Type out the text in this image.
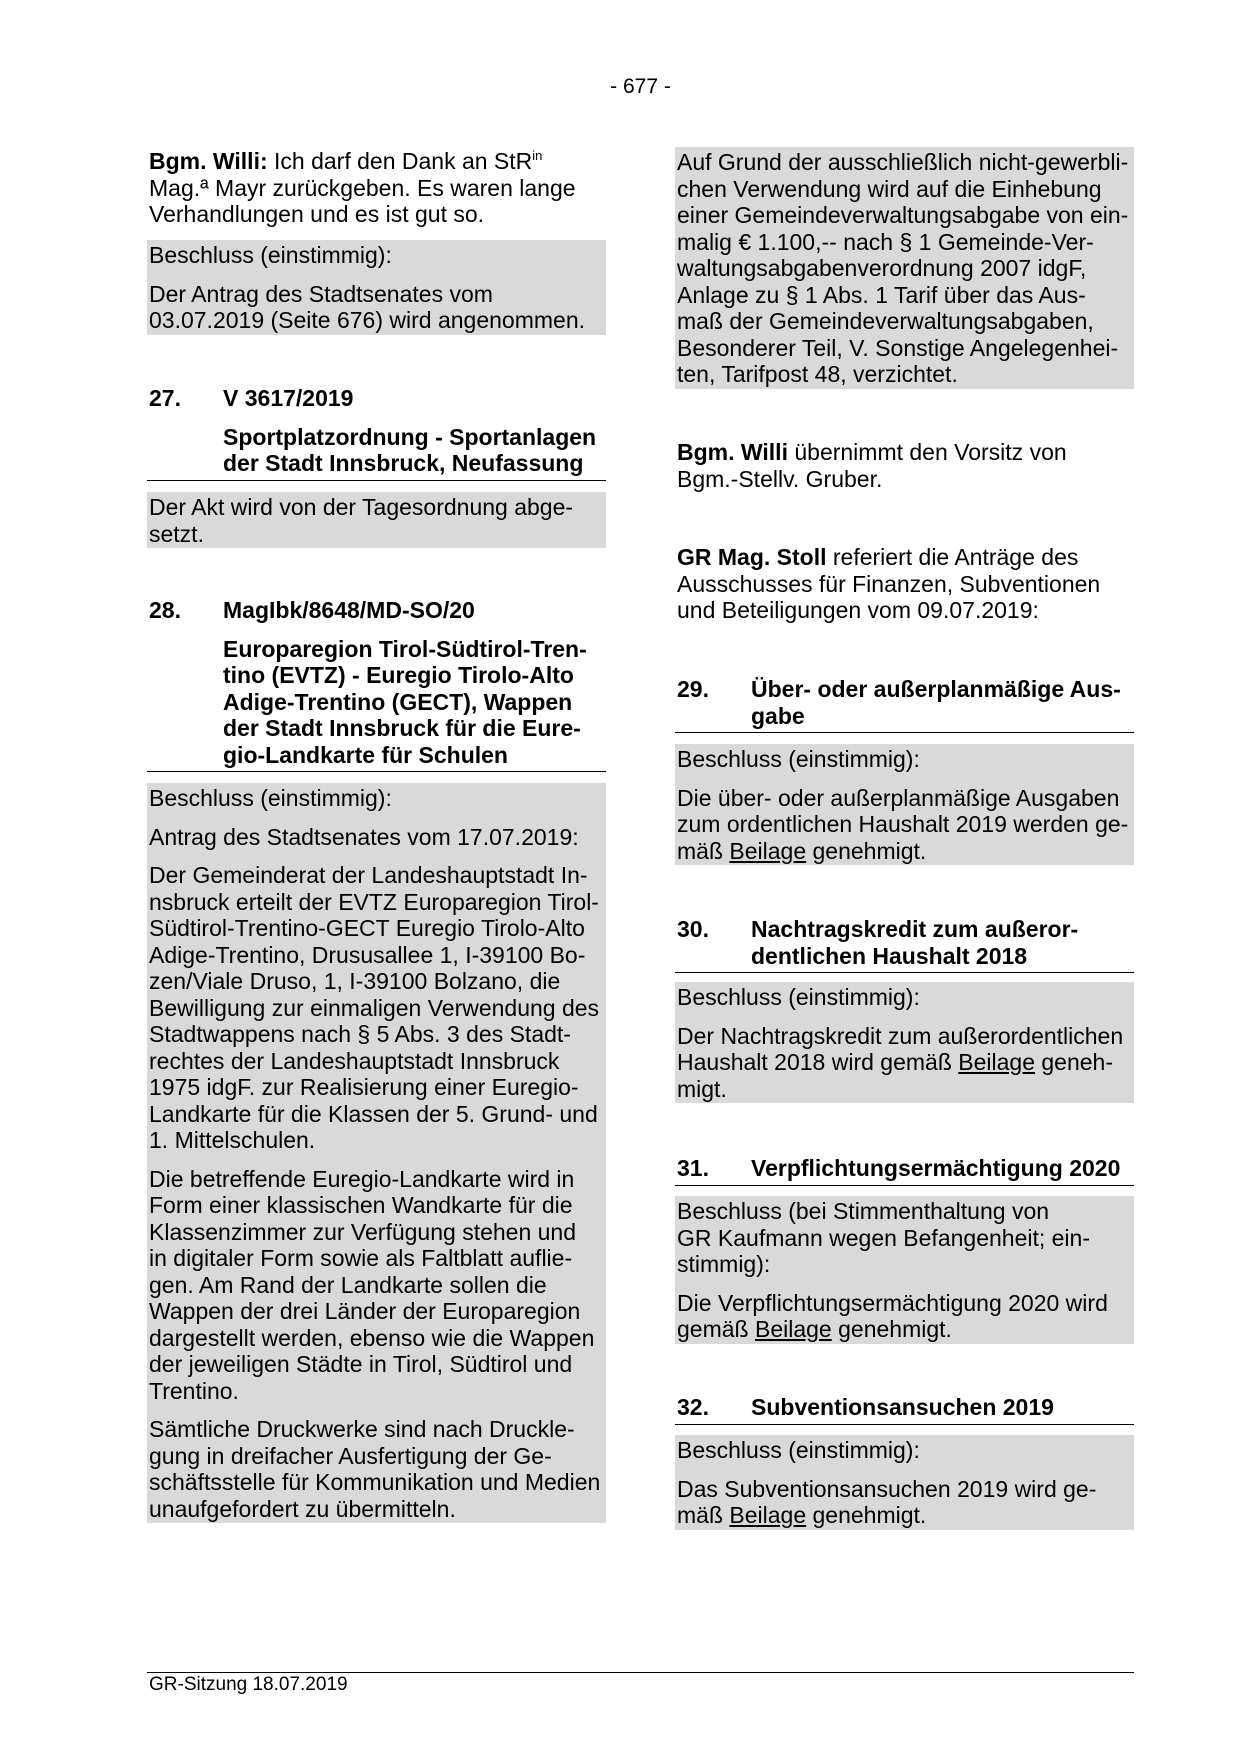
- 677 -
Bgm. Willi: Ich darf den Dank an StR$^{in}$
Mag.ª Mayr zurückgeben. Es waren lange
Verhandlungen und es ist gut so.
Beschluss (einstimmig):
Der Antrag des Stadtsenates vom
03.07.2019 (Seite 676) wird angenommen.
27.	V 3617/2019
Sportplatzordnung - Sportanlagen
der Stadt Innsbruck, Neufassung
Der Akt wird von der Tagesordnung abge-
setzt.
28.	MagIbk/8648/MD-SO/20
Europaregion Tirol-Südtirol-Tren-
tino (EVTZ) - Euregio Tirolo-Alto
Adige-Trentino (GECT), Wappen
der Stadt Innsbruck für die Eure-
gio-Landkarte für Schulen
Beschluss (einstimmig):
Antrag des Stadtsenates vom 17.07.2019:
Der Gemeinderat der Landeshauptstadt In-
nsbruck erteilt der EVTZ Europaregion Tirol-
Südtirol-Trentino-GECT Euregio Tirolo-Alto
Adige-Trentino, Drususallee 1, I-39100 Bo-
zen/Viale Druso, 1, I-39100 Bolzano, die
Bewilligung zur einmaligen Verwendung des
Stadtwappens nach § 5 Abs. 3 des Stadt-
rechtes der Landeshauptstadt Innsbruck
1975 idgF. zur Realisierung einer Euregio-
Landkarte für die Klassen der 5. Grund- und
1. Mittelschulen.
Die betreffende Euregio-Landkarte wird in
Form einer klassischen Wandkarte für die
Klassenzimmer zur Verfügung stehen und
in digitaler Form sowie als Faltblatt auflie-
gen. Am Rand der Landkarte sollen die
Wappen der drei Länder der Europaregion
dargestellt werden, ebenso wie die Wappen
der jeweiligen Städte in Tirol, Südtirol und
Trentino.
Sämtliche Druckwerke sind nach Druckle-
gung in dreifacher Ausfertigung der Ge-
schäftsstelle für Kommunikation und Medien
unaufgefordert zu übermitteln.
Auf Grund der ausschließlich nicht-gewerbli-
chen Verwendung wird auf die Einhebung
einer Gemeindeverwaltungsabgabe von ein-
malig € 1.100,-- nach § 1 Gemeinde-Ver-
waltungsabgabenverordnung 2007 idgF,
Anlage zu § 1 Abs. 1 Tarif über das Aus-
maß der Gemeindeverwaltungsabgaben,
Besonderer Teil, V. Sonstige Angelegenhei-
ten, Tarifpost 48, verzichtet.
Bgm. Willi übernimmt den Vorsitz von
Bgm.-Stellv. Gruber.
GR Mag. Stoll referiert die Anträge des
Ausschusses für Finanzen, Subventionen
und Beteiligungen vom 09.07.2019:
29.	Über- oder außerplanmäßige Aus-
gabe
Beschluss (einstimmig):
Die über- oder außerplanmäßige Ausgaben
zum ordentlichen Haushalt 2019 werden ge-
mäß Beilage genehmigt.
30.	Nachtragskredit zum außeror-
dentlichen Haushalt 2018
Beschluss (einstimmig):
Der Nachtragskredit zum außerordentlichen
Haushalt 2018 wird gemäß Beilage geneh-
migt.
31.	Verpflichtungsermächtigung 2020
Beschluss (bei Stimmenthaltung von
GR Kaufmann wegen Befangenheit; ein-
stimmig):
Die Verpflichtungsermächtigung 2020 wird
gemäß Beilage genehmigt.
32.	Subventionsansuchen 2019
Beschluss (einstimmig):
Das Subventionsansuchen 2019 wird ge-
mäß Beilage genehmigt.
GR-Sitzung 18.07.2019
